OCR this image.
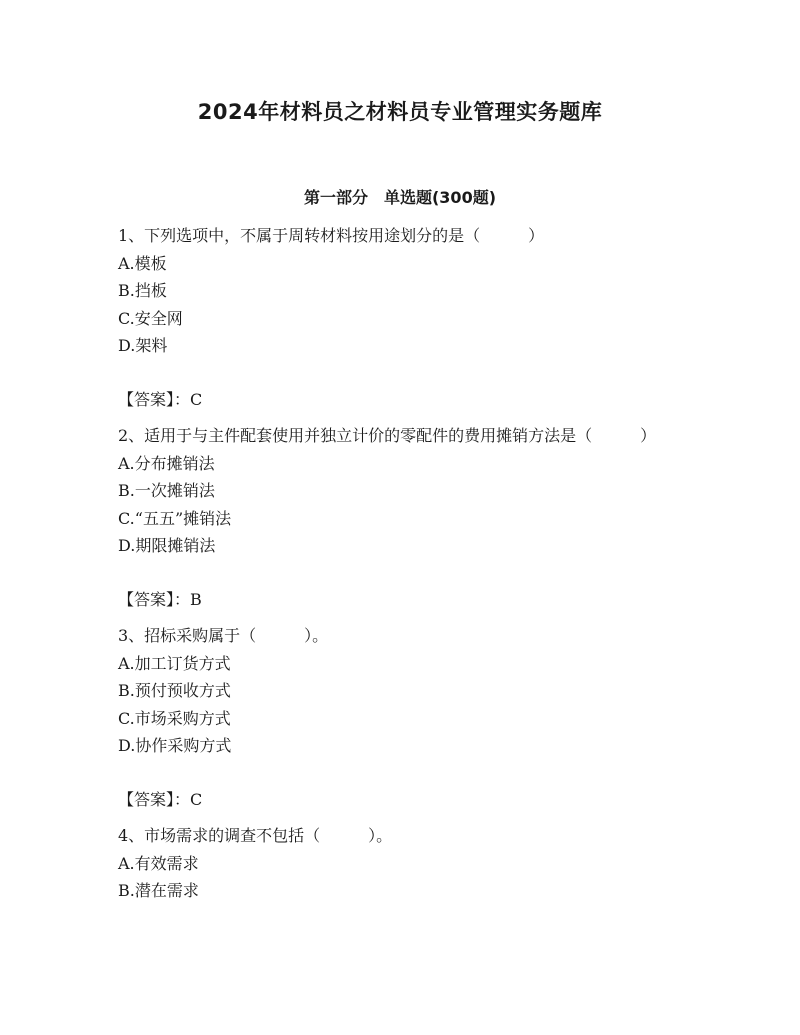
2024年材料员之材料员专业管理实务题库
第一部分　单选题(300题)
1、下列选项中，不属于周转材料按用途划分的是（　　　）
A.模板
B.挡板
C.安全网
D.架料
【答案】：C
2、适用于与主件配套使用并独立计价的零配件的费用摊销方法是（　　　）
A.分布摊销法
B.一次摊销法
C.“五五”摊销法
D.期限摊销法
【答案】：B
3、招标采购属于（　　　）。
A.加工订货方式
B.预付预收方式
C.市场采购方式
D.协作采购方式
【答案】：C
4、市场需求的调查不包括（　　　）。
A.有效需求
B.潜在需求
